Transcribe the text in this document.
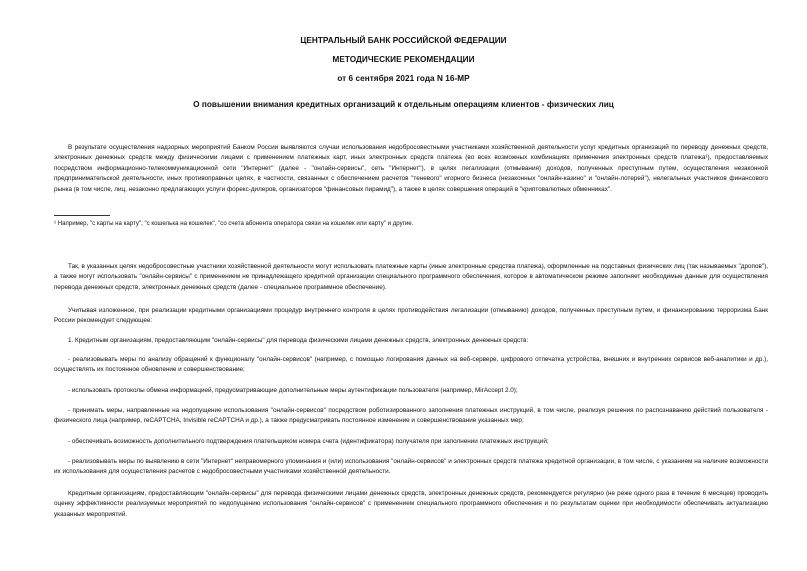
ЦЕНТРАЛЬНЫЙ БАНК РОССИЙСКОЙ ФЕДЕРАЦИИ
МЕТОДИЧЕСКИЕ РЕКОМЕНДАЦИИ
от 6 сентября 2021 года N 16-МР
О повышении внимания кредитных организаций к отдельным операциям клиентов - физических лиц

В результате осуществления надзорных мероприятий Банком России выявляются случаи использования недобросовестными участниками хозяйственной деятельности услуг кредитных организаций по переводу денежных средств, электронных денежных средств между физическими лицами с применением платежных карт, иных электронных средств платежа (во всех возможных комбинациях применения электронных средств платежа¹), предоставляемых посредством информационно-телекоммуникационной сети "Интернет" (далее - "онлайн-сервисы", сеть "Интернет"), в целях легализации (отмывания) доходов, полученных преступным путем, осуществления незаконной предпринимательской деятельности, иных противоправных целях, в частности, связанных с обеспечением расчетов "теневого" игорного бизнеса (незаконных "онлайн-казино" и "онлайн-лотерей"), нелегальных участников финансового рынка (в том числе, лиц, незаконно предлагающих услуги форекс-дилеров, организаторов "финансовых пирамид"), а также в целях совершения операций в "криптовалютных обменниках".

¹ Например, "с карты на карту", "с кошелька на кошелек", "со счета абонента оператора связи на кошелек или карту" и другие.

Так, в указанных целях недобросовестные участники хозяйственной деятельности могут использовать платежные карты (иные электронные средства платежа), оформленные на подставных физических лиц (так называемых "дропов"), а также могут использовать "онлайн-сервисы" с применением не принадлежащего кредитной организации специального программного обеспечения, которое в автоматическом режиме заполняет необходимые данные для осуществления перевода денежных средств, электронных денежных средств (далее - специальное программное обеспечение).

Учитывая изложенное, при реализации кредитными организациями процедур внутреннего контроля в целях противодействия легализации (отмыванию) доходов, полученных преступным путем, и финансированию терроризма Банк России рекомендует следующее:

1. Кредитным организациям, предоставляющим "онлайн-сервисы" для перевода физическими лицами денежных средств, электронных денежных средств:

- реализовывать меры по анализу обращений к функционалу "онлайн-сервисов" (например, с помощью логирования данных на веб-сервере, цифрового отпечатка устройства, внешних и внутренних сервисов веб-аналитики и др.), осуществлять их постоянное обновление и совершенствование;

- использовать протоколы обмена информацией, предусматривающие дополнительные меры аутентификации пользователя (например, MirAccept 2.0);

- принимать меры, направленные на недопущение использования "онлайн-сервисов" посредством роботизированного заполнения платежных инструкций, в том числе, реализуя решения по распознаванию действий пользователя - физического лица (например, reCAPTCHA, Invisible reCAPTCHA и др.), а также предусматривать постоянное изменение и совершенствование указанных мер;

- обеспечивать возможность дополнительного подтверждения плательщиком номера счета (идентификатора) получателя при заполнении платежных инструкций;

- реализовывать меры по выявлению в сети "Интернет" неправомерного упоминания и (или) использования "онлайн-сервисов" и электронных средств платежа кредитной организации, в том числе, с указанием на наличие возможности их использования для осуществления расчетов с недобросовестными участниками хозяйственной деятельности.

Кредитным организациям, предоставляющим "онлайн-сервисы" для перевода физическими лицами денежных средств, электронных денежных средств, рекомендуется регулярно (не реже одного раза в течение 6 месяцев) проводить оценку эффективности реализуемых мероприятий по недопущению использования "онлайн-сервисов" с применением специального программного обеспечения и по результатам оценки при необходимости обеспечивать актуализацию указанных мероприятий.
